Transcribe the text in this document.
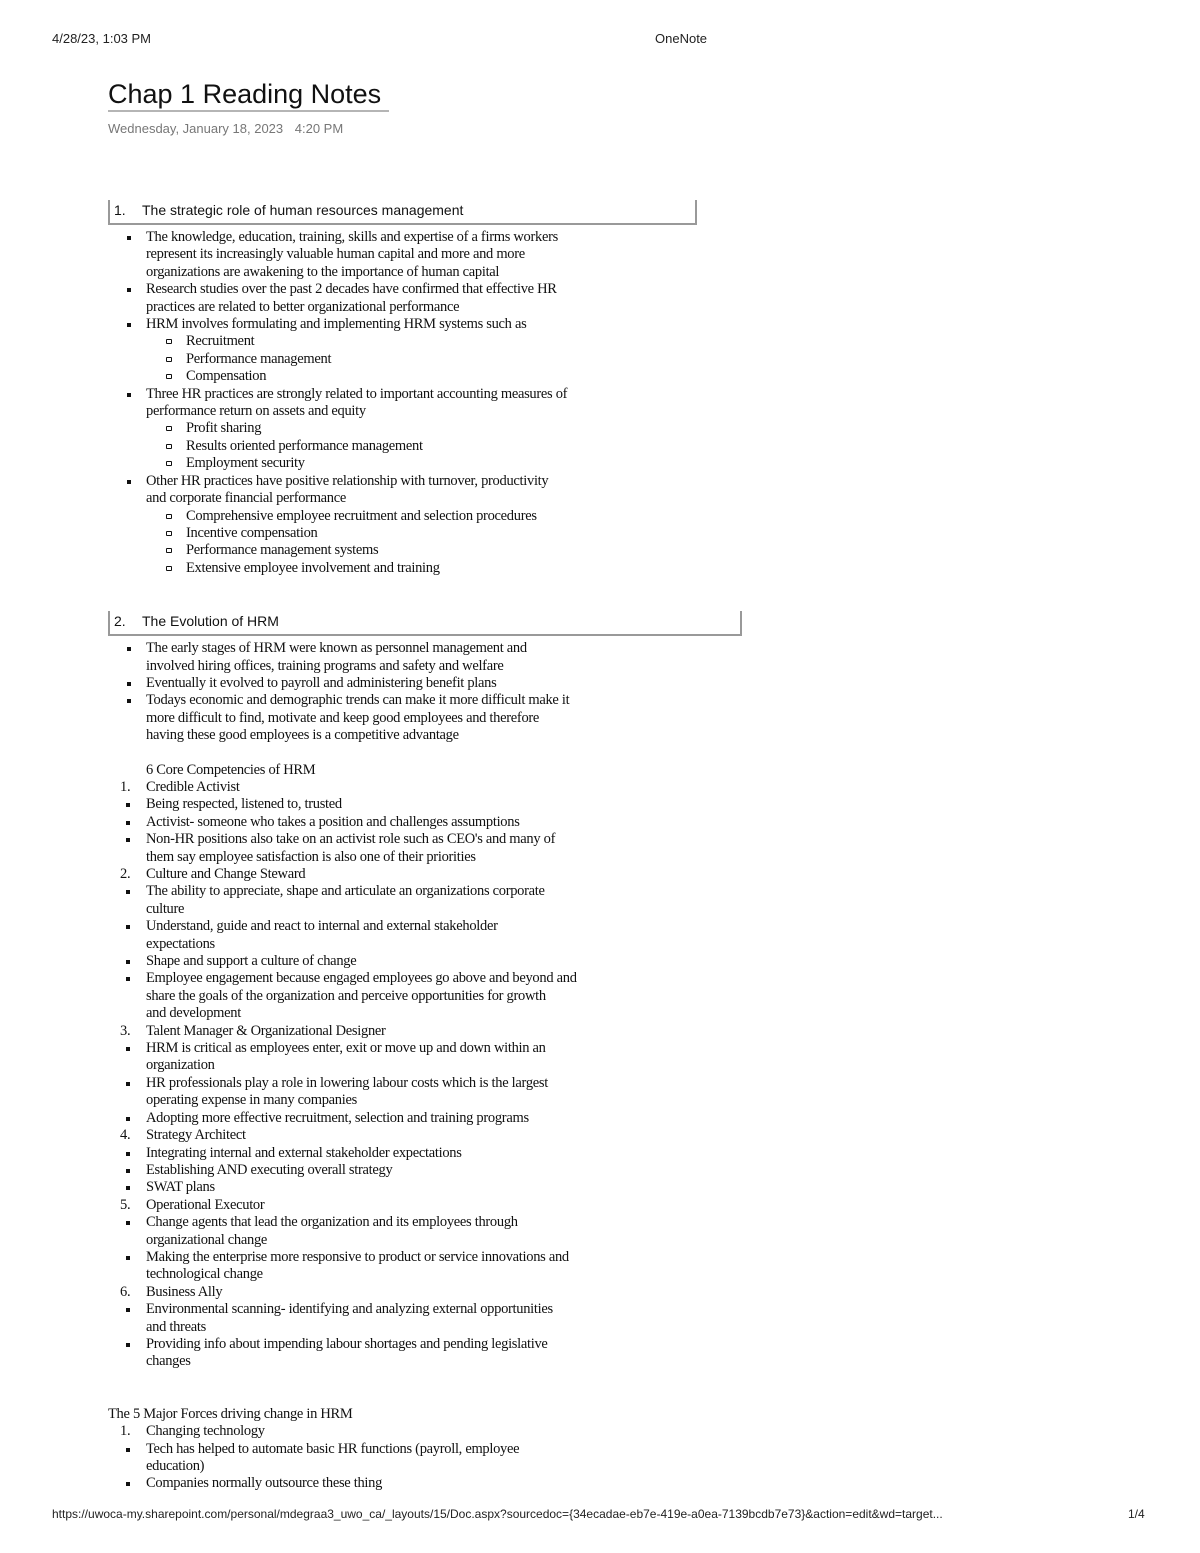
4/28/23, 1:03 PM	OneNote
Chap 1 Reading Notes
Wednesday, January 18, 2023 4:20 PM
1. The strategic role of human resources management
The knowledge, education, training, skills and expertise of a firms workers
represent its increasingly valuable human capital and more and more
organizations are awakening to the importance of human capital
Research studies over the past 2 decades have confirmed that effective HR
practices are related to better organizational performance
HRM involves formulating and implementing HRM systems such as
Recruitment
Performance management
Compensation
Three HR practices are strongly related to important accounting measures of
performance return on assets and equity
Profit sharing
Results oriented performance management
Employment security
Other HR practices have positive relationship with turnover, productivity
and corporate financial performance
Comprehensive employee recruitment and selection procedures
Incentive compensation
Performance management systems
Extensive employee involvement and training
2. The Evolution of HRM
The early stages of HRM were known as personnel management and
involved hiring offices, training programs and safety and welfare
Eventually it evolved to payroll and administering benefit plans
Todays economic and demographic trends can make it more difficult make it
more difficult to find, motivate and keep good employees and therefore
having these good employees is a competitive advantage
6 Core Competencies of HRM
1. Credible Activist
Being respected, listened to, trusted
Activist- someone who takes a position and challenges assumptions
Non-HR positions also take on an activist role such as CEO's and many of
them say employee satisfaction is also one of their priorities
2. Culture and Change Steward
The ability to appreciate, shape and articulate an organizations corporate
culture
Understand, guide and react to internal and external stakeholder
expectations
Shape and support a culture of change
Employee engagement because engaged employees go above and beyond and
share the goals of the organization and perceive opportunities for growth
and development
3. Talent Manager & Organizational Designer
HRM is critical as employees enter, exit or move up and down within an
organization
HR professionals play a role in lowering labour costs which is the largest
operating expense in many companies
Adopting more effective recruitment, selection and training programs
4. Strategy Architect
Integrating internal and external stakeholder expectations
Establishing AND executing overall strategy
SWAT plans
5. Operational Executor
Change agents that lead the organization and its employees through
organizational change
Making the enterprise more responsive to product or service innovations and
technological change
6. Business Ally
Environmental scanning- identifying and analyzing external opportunities
and threats
Providing info about impending labour shortages and pending legislative
changes
The 5 Major Forces driving change in HRM
1. Changing technology
Tech has helped to automate basic HR functions (payroll, employee
education)
Companies normally outsource these thing
https://uwoca-my.sharepoint.com/personal/mdegraa3_uwo_ca/_layouts/15/Doc.aspx?sourcedoc={34ecadae-eb7e-419e-a0ea-7139bcdb7e73}&action=edit&wd=target...	1/4
